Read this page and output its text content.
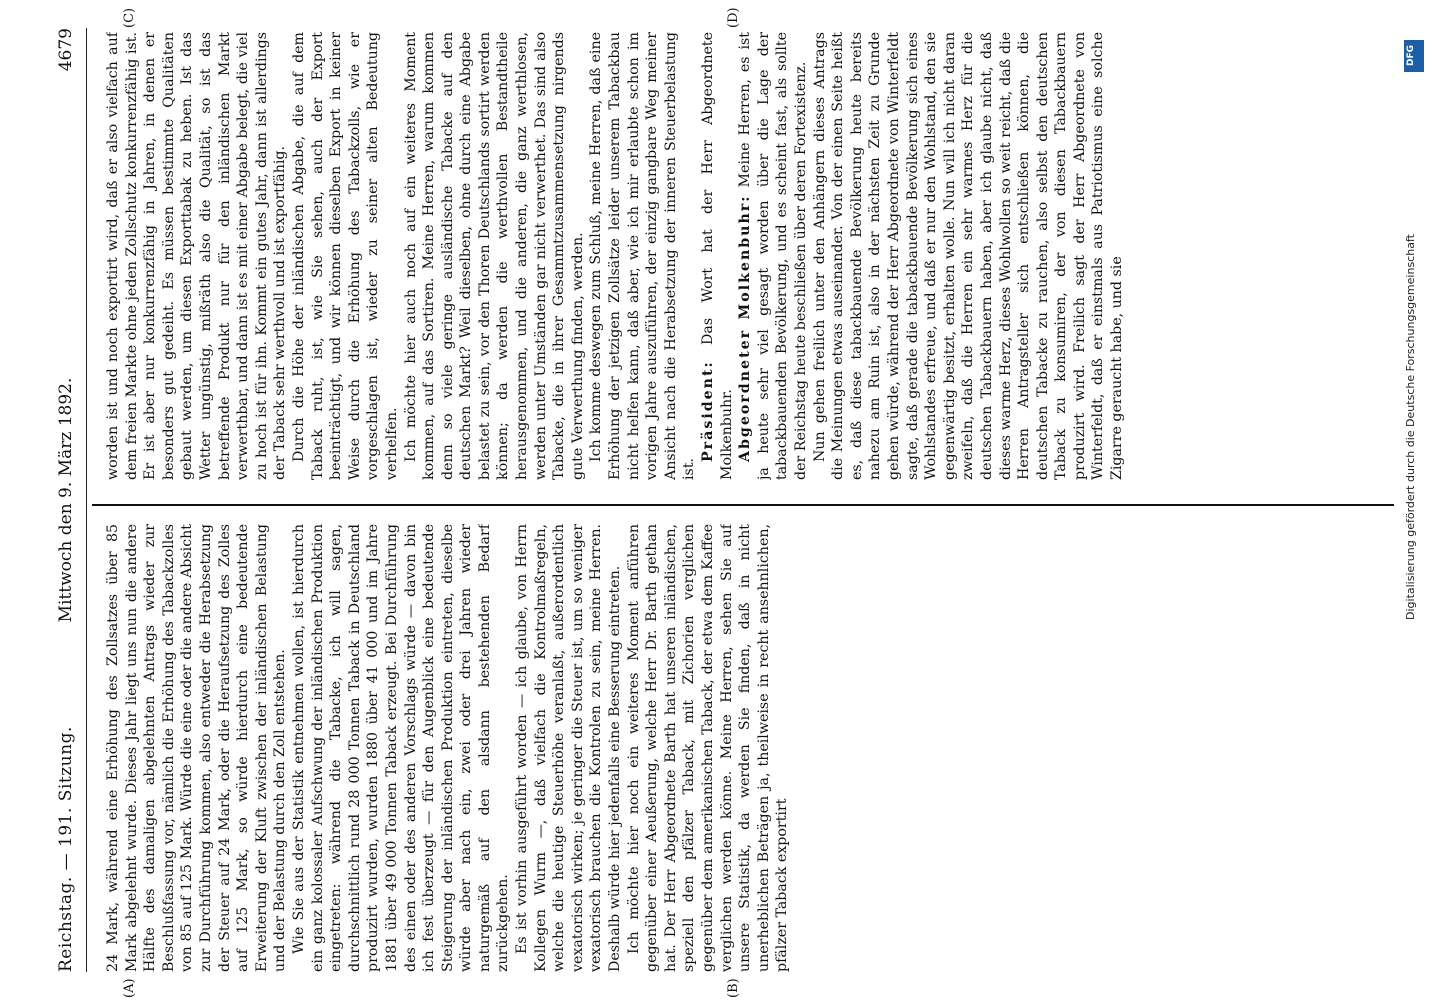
Reichstag. — 191. Sitzung.
Mittwoch den 9. März 1892.
4679
(A)	(B)
(C)	(D)

24 Mark, während eine Erhöhung des Zollsatzes über 85 Mark abgelehnt wurde. Dieses Jahr liegt uns nun die andere Hälfte des damaligen abgelehnten Antrags wieder zur Beschlußfassung vor, nämlich die Erhöhung des Tabackzolles von 85 auf 125 Mark. Würde die eine oder die andere Absicht zur Durchführung kommen, also entweder die Herabsetzung der Steuer auf 24 Mark, oder die Heraufsetzung des Zolles auf 125 Mark, so würde hierdurch eine bedeutende Erweiterung der Kluft zwischen der inländischen Belastung und der Belastung durch den Zoll entstehen. Wie Sie aus der Statistik entnehmen wollen, ist hierdurch ein ganz kolossaler Aufschwung der inländischen Produktion eingetreten: während die Tabacke, ich will sagen, durchschnittlich rund 28 000 Tonnen Taback in Deutschland produzirt wurden, wurden 1880 über 41 000 und im Jahre 1881 über 49 000 Tonnen Taback erzeugt. Bei Durchführung des einen oder des anderen Vorschlags würde — davon bin ich fest überzeugt — für den Augenblick eine bedeutende Steigerung der inländischen Produktion eintreten, dieselbe würde aber nach ein, zwei oder drei Jahren wieder naturgemäß auf den alsdann bestehenden Bedarf zurückgehen. Es ist vorhin ausgeführt worden — ich glaube, von Herrn Kollegen Wurm —, daß vielfach die Kontrolmaßregeln, welche die heutige Steuerhöhe veranlaßt, außerordentlich vexatorisch wirken; je geringer die Steuer ist, um so weniger vexatorisch brauchen die Kontrolen zu sein, meine Herren. Deshalb würde hier jedenfalls eine Besserung eintreten. Ich möchte hier noch ein weiteres Moment anführen gegenüber einer Aeußerung, welche Herr Dr. Barth gethan hat. Der Herr Abgeordnete Barth hat unseren inländischen, speziell den pfälzer Taback, mit Zichorien verglichen gegenüber dem amerikanischen Taback, der etwa dem Kaffee verglichen werden könne. Meine Herren, sehen Sie auf unsere Statistik, da werden Sie finden, daß in nicht unerheblichen Beträgen ja, theilweise in recht ansehnlichen, pfälzer Taback exportirt

worden ist und noch exportirt wird, daß er also vielfach auf dem freien Markte ohne jeden Zollschutz konkurrenzfähig ist. Er ist aber nur konkurrenzfähig in Jahren, in denen er besonders gut gedeiht. Es müssen bestimmte Qualitäten gebaut werden, um diesen Exporttabak zu heben. Ist das Wetter ungünstig, mißräth also die Qualität, so ist das betreffende Produkt nur für den inländischen Markt verwerthbar, und dann ist es mit einer Abgabe belegt, die viel zu hoch ist für ihn. Kommt ein gutes Jahr, dann ist allerdings der Taback sehr werthvoll und ist exportfähig. Durch die Höhe der inländischen Abgabe, die auf dem Taback ruht, ist, wie Sie sehen, auch der Export beeinträchtigt, und wir können dieselben Export in keiner Weise durch die Erhöhung des Tabackzolls, wie er vorgeschlagen ist, wieder zu seiner alten Bedeutung verhelfen. Ich möchte hier auch noch auf ein weiteres Moment kommen, auf das Sortiren. Meine Herren, warum kommen denn so viele geringe ausländische Tabacke auf den deutschen Markt? Weil dieselben, ohne durch eine Abgabe belastet zu sein, vor den Thoren Deutschlands sortirt werden können; da werden die werthvollen Bestandtheile herausgenommen, und die anderen, die ganz werthlosen, werden unter Umständen gar nicht verwerthet. Das sind also Tabacke, die in ihrer Gesammtzusammensetzung nirgends gute Verwerthung finden, werden. Ich komme deswegen zum Schluß, meine Herren, daß eine Erhöhung der jetzigen Zollsätze leider unserem Tabackbau nicht helfen kann, daß aber, wie ich mir erlaubte schon im vorigen Jahre auszuführen, der einzig gangbare Weg meiner Ansicht nach die Herabsetzung der inneren Steuerbelastung ist.

Präsident: Das Wort hat der Herr Abgeordnete Molkenbuhr. Abgeordneter Molkenbuhr: Meine Herren, es ist ja heute sehr viel gesagt worden über die Lage der tabackbauenden Bevölkerung, und es scheint fast, als sollte der Reichstag heute beschließen über deren Fortexistenz. Nun gehen freilich unter den Anhängern dieses Antrags die Meinungen etwas auseinander. Von der einen Seite heißt es, daß diese tabackbauende Bevölkerung heute bereits nahezu am Ruin ist, also in der nächsten Zeit zu Grunde gehen würde, während der Herr Abgeordnete von Winterfeldt sagte, daß gerade die tabackbauende Bevölkerung sich eines Wohlstandes erfreue, und daß er nur den Wohlstand, den sie gegenwärtig besitzt, erhalten wolle. Nun will ich nicht daran zweifeln, daß die Herren ein sehr warmes Herz für die deutschen Tabackbauern haben, aber ich glaube nicht, daß dieses warme Herz, dieses Wohlwollen so weit reicht, daß die Herren Antragsteller sich entschließen können, die deutschen Tabacke zu rauchen, also selbst den deutschen Taback zu konsumiren, der von diesen Tabackbauern produzirt wird. Freilich sagt der Herr Abgeordnete von Winterfeldt, daß er einstmals aus Patriotismus eine solche Zigarre geraucht habe, und sie

DFG
Digitalisierung gefördert durch die Deutsche Forschungsgemeinschaft
